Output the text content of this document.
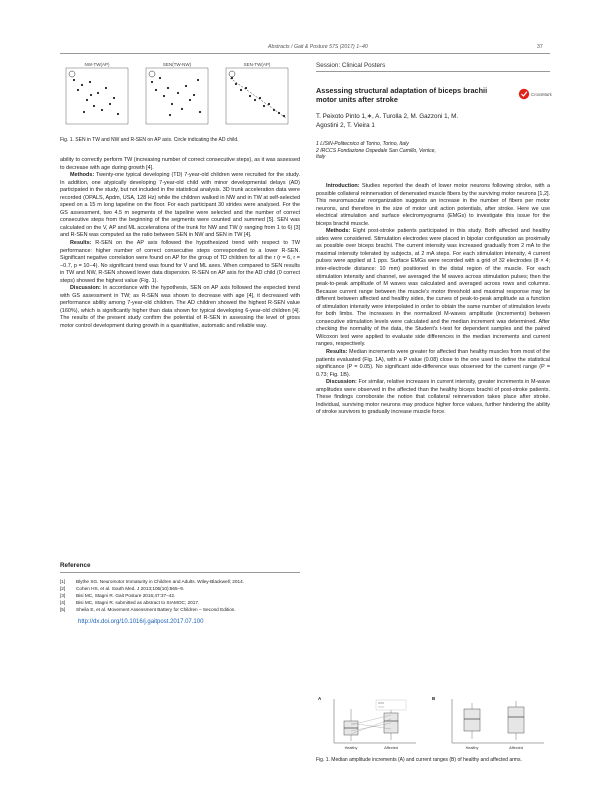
Abstracts / Gait & Posture 57S (2017) 1–40	37
NW-TW(AP)	SEN(TW-NW)	SEN-TW(AP)
Fig. 1. SEN in TW and NW and R-SEN on AP axis. Circle indicating the AD child.

ability to correctly perform TW (increasing number of correct consecutive steps), as it was assessed to decrease with age during growth [4].

Methods: Twenty-one typical developing (TD) 7-year-old children were recruited for the study. In addition, one atypically developing 7-year-old child with minor developmental delays (AD) participated in the study, but not included in the statistical analysis. 3D trunk acceleration data were recorded (OPALS, Apdm, USA, 128 Hz) while the children walked in NW and in TW at self-selected speed on a 15 m long tapeline on the floor. For each participant 30 strides were analysed. For the GS assessment, two 4.5 m segments of the tapeline were selected and the number of correct consecutive steps from the beginning of the segments were counted and summed [5]. SEN was calculated on the V, AP and ML accelerations of the trunk for NW and TW (r ranging from 1 to 6) [3] and R-SEN was computed as the ratio between SEN in NW and SEN in TW [4].

Results: R-SEN on the AP axis followed the hypothesized trend with respect to TW performance: higher number of correct consecutive steps corresponded to a lower R-SEN. Significant negative correlation were found on AP for the group of TD children for all the r (r = 6, r = −0.7, p = 10−4). No significant trend was found for V and ML axes. When compared to SEN results in TW and NW, R-SEN showed lower data dispersion. R-SEN on AP axis for the AD child (0 correct steps) showed the highest value (Fig. 1).

Discussion: In accordance with the hypothesis, SEN on AP axis followed the expected trend with GS assessment in TW; as R-SEN was shown to decrease with age [4], it decreased with performance ability among 7-year-old children. The AD children showed the highest R-SEN value (160%), which is significantly higher than data shown for typical developing 6-year-old children [4]. The results of the present study confirm the potential of R-SEN in assessing the level of gross motor control development during growth in a quantitative, automatic and reliable way.

Reference
[1]	Blythe SG. Neuromotor Immaturity in Children and Adults. Wiley-Blackwell; 2014.
[2]	Cohen HS, et al. South Med. J 2013;106(10):565–9.
[3]	Bisi MC, Stagni R. Gait Posture 2016;47:37–42.
[4]	Bisi MC, Stagni R. submitted as abstract to SIAMOC; 2017.
[5]	Sheila E, et al. Movement Assessment Battery for Children – Second Edition.
http://dx.doi.org/10.1016/j.gaitpost.2017.07.100
Session: Clinical Posters
Assessing structural adaptation of biceps brachii motor units after stroke
CrossMark
T. Peixoto Pinto 1,∗, A. Turolla 2, M. Gazzoni 1, M.
Agostini 2, T. Vieira 1
1 LISiN-Politecnico di Torino, Torino, Italy
2 IRCCS Fondazione Ospedale San Camillo, Venice,
Italy

Introduction: Studies reported the death of lower motor neurons following stroke, with a possible collateral reinnervation of denervated muscle fibers by the surviving motor neurons [1,2]. This neuromuscular reorganization suggests an increase in the number of fibers per motor neurons, and therefore in the size of motor unit action potentials, after stroke. Here we use electrical stimulation and surface electromyograms (EMGs) to investigate this issue for the biceps brachii muscle.

Methods: Eight post-stroke patients participated in this study. Both affected and healthy sides were considered. Stimulation electrodes were placed in bipolar configuration as proximally as possible over biceps brachii. The current intensity was increased gradually from 2 mA to the maximal intensity tolerated by subjects, at 2 mA steps. For each stimulation intensity, 4 current pulses were applied at 1 pps. Surface EMGs were recorded with a grid of 32 electrodes (8 × 4; inter-electrode distance: 10 mm) positioned in the distal region of the muscle. For each stimulation intensity and channel, we averaged the M waves across stimulation pulses; then the peak-to-peak amplitude of M waves was calculated and averaged across rows and columns. Because current range between the muscle's motor threshold and maximal response may be different between affected and healthy sides, the curves of peak-to-peak amplitude as a function of stimulation intensity were interpolated in order to obtain the same number of stimulation levels for both limbs. The increases in the normalized M-waves amplitude (increments) between consecutive stimulation levels were calculated and the median increment was determined. After checking the normality of the data, the Student's t-test for dependent samples and the paired Wilcoxon test were applied to evaluate side differences in the median increments and current ranges, respectively.

Results: Median increments were greater for affected than healthy muscles from most of the patients evaluated (Fig. 1A), with a P value (0.08) close to the one used to define the statistical significance (P = 0.05). No significant side-difference was observed for the current range (P = 0.73; Fig. 1B).

Discussion: For similar, relative increases in current intensity, greater increments in M-wave amplitudes were observed in the affected than the healthy biceps brachii of post-stroke patients. These findings corroborate the notion that collateral reinnervation takes place after stroke. Individual, surviving motor neurons may produce higher force values, further hindering the ability of stroke survivors to gradually increase muscle force.

A
Healthy	Affected
B
Healthy	Affected
Fig. 1. Median amplitude increments (A) and current ranges (B) of healthy and affected arms.
